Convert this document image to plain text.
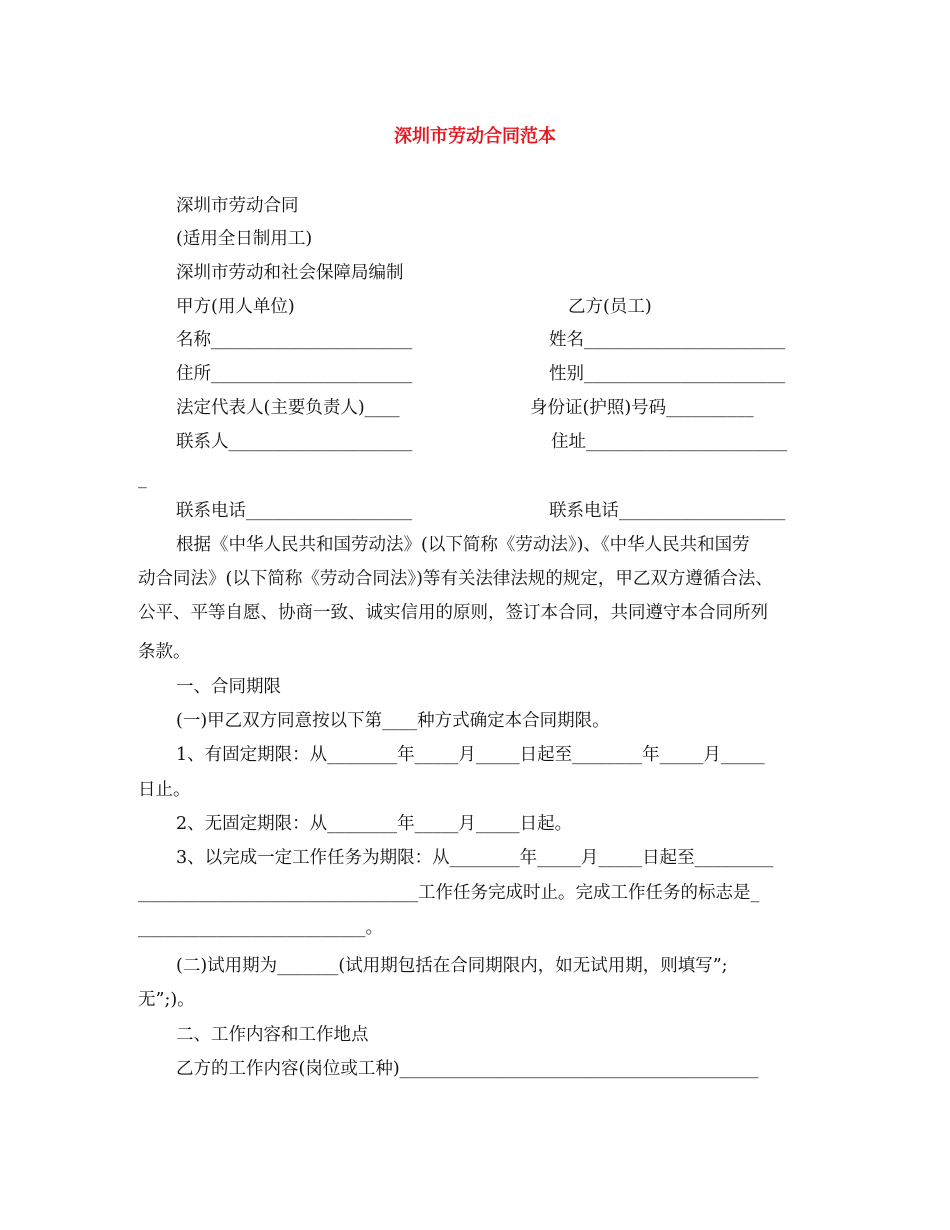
深圳市劳动合同范本
深圳市劳动合同
(适用全日制用工)
深圳市劳动和社会保障局编制
甲方(用人单位)	乙方(员工)
名称_______________________	姓名_______________________
住所_______________________	性别_______________________
法定代表人(主要负责人)____	身份证(护照)号码__________
联系人_____________________	住址_______________________
_
联系电话___________________	联系电话___________________
根据《中华人民共和国劳动法》(以下简称《劳动法》)、《中华人民共和国劳
动合同法》(以下简称《劳动合同法》)等有关法律法规的规定，甲乙双方遵循合法、
公平、平等自愿、协商一致、诚实信用的原则，签订本合同，共同遵守本合同所列
条款。
一、合同期限
(一)甲乙双方同意按以下第____种方式确定本合同期限。
1、有固定期限：从________年_____月_____日起至________年_____月_____
日止。
2、无固定期限：从________年_____月_____日起。
3、以完成一定工作任务为期限：从________年_____月_____日起至_________
________________________________工作任务完成时止。完成工作任务的标志是_
__________________________。
(二)试用期为_______(试用期包括在合同期限内，如无试用期，则填写”;
无”;)。
二、工作内容和工作地点
乙方的工作内容(岗位或工种)_________________________________________
